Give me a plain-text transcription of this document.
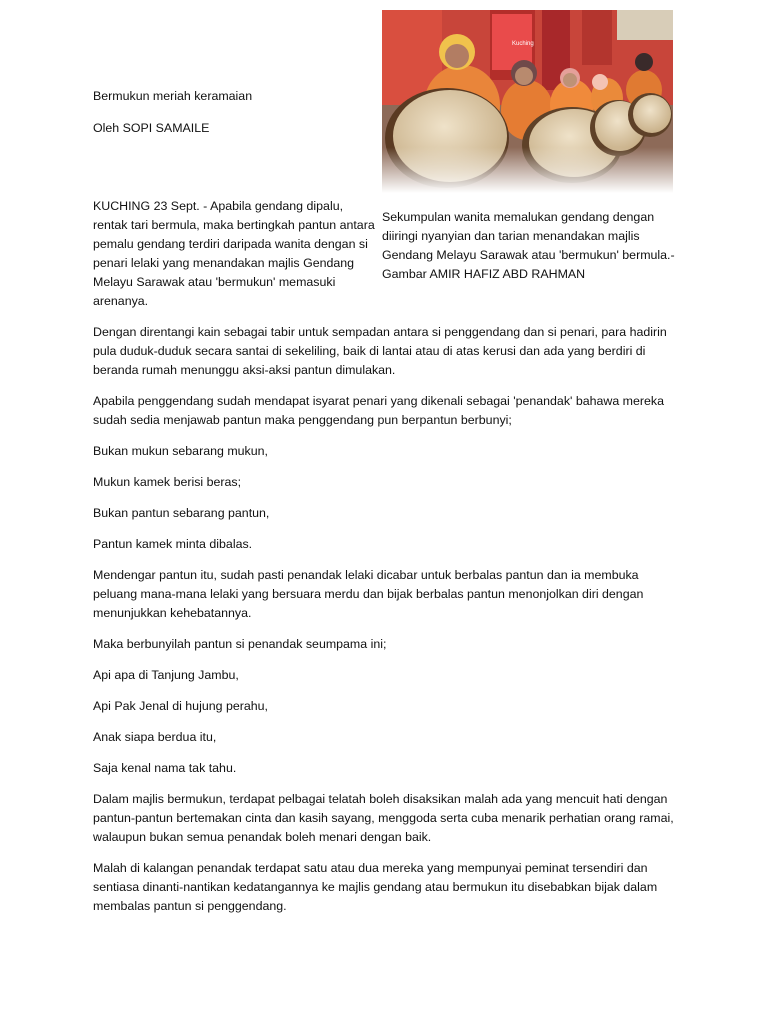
Bermukun meriah keramaian
Oleh SOPI SAMAILE
KUCHING 23 Sept. - Apabila gendang dipalu, rentak tari bermula, maka bertingkah pantun antara pemalu gendang terdiri daripada wanita dengan si penari lelaki yang menandakan majlis Gendang Melayu Sarawak atau 'bermukun' memasuki arenanya.
Sekumpulan wanita memalukan gendang dengan diiringi nyanyian dan tarian menandakan majlis Gendang Melayu Sarawak atau 'bermukun' bermula.- Gambar AMIR HAFIZ ABD RAHMAN

Dengan direntangi kain sebagai tabir untuk sempadan antara si penggendang dan si penari, para hadirin pula duduk-duduk secara santai di sekeliling, baik di lantai atau di atas kerusi dan ada yang berdiri di beranda rumah menunggu aksi-aksi pantun dimulakan.

Apabila penggendang sudah mendapat isyarat penari yang dikenali sebagai 'penandak' bahawa mereka sudah sedia menjawab pantun maka penggendang pun berpantun berbunyi;

Bukan mukun sebarang mukun,

Mukun kamek berisi beras;

Bukan pantun sebarang pantun,

Pantun kamek minta dibalas.

Mendengar pantun itu, sudah pasti penandak lelaki dicabar untuk berbalas pantun dan ia membuka peluang mana-mana lelaki yang bersuara merdu dan bijak berbalas pantun menonjolkan diri dengan menunjukkan kehebatannya.

Maka berbunyilah pantun si penandak seumpama ini;

Api apa di Tanjung Jambu,

Api Pak Jenal di hujung perahu,

Anak siapa berdua itu,

Saja kenal nama tak tahu.

Dalam majlis bermukun, terdapat pelbagai telatah boleh disaksikan malah ada yang mencuit hati dengan pantun-pantun bertemakan cinta dan kasih sayang, menggoda serta cuba menarik perhatian orang ramai, walaupun bukan semua penandak boleh menari dengan baik.

Malah di kalangan penandak terdapat satu atau dua mereka yang mempunyai peminat tersendiri dan sentiasa dinanti-nantikan kedatangannya ke majlis gendang atau bermukun itu disebabkan bijak dalam membalas pantun si penggendang.
